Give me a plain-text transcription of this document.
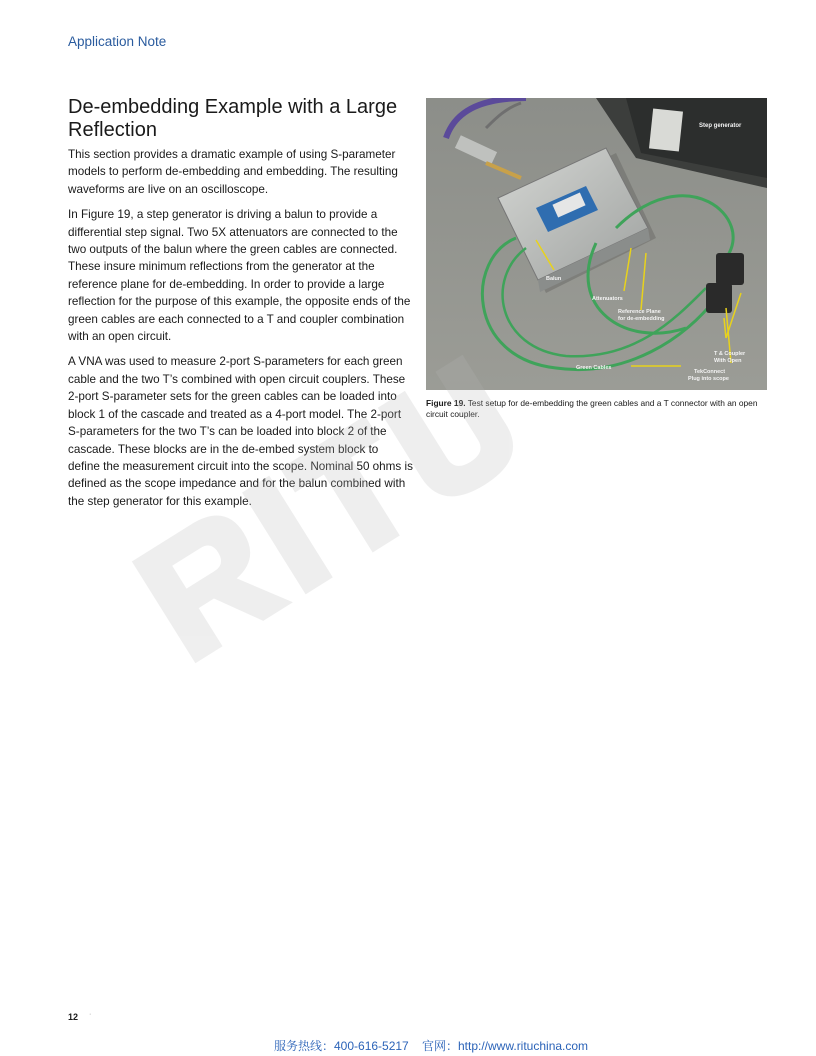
Application Note
De-embedding Example with a Large Reflection

This section provides a dramatic example of using S-parameter models to perform de-embedding and embedding. The resulting waveforms are live on an oscilloscope.

In Figure 19, a step generator is driving a balun to provide a differential step signal. Two 5X attenuators are connected to the two outputs of the balun where the green cables are connected. These insure minimum reflections from the generator at the reference plane for de-embedding. In order to provide a large reflection for the purpose of this example, the opposite ends of the green cables are each connected to a T and coupler combination with an open circuit.

A VNA was used to measure 2-port S-parameters for each green cable and the two T’s combined with open circuit couplers. These 2-port S-parameter sets for the green cables can be loaded into block 1 of the cascade and treated as a 4-port model. The 2-port S-parameters for the two T’s can be loaded into block 2 of the cascade. These blocks are in the de-embed system block to define the measurement circuit into the scope. Nominal 50 ohms is defined as the scope impedance and for the balun combined with the step generator for this example.

Step generator
Balun
Attenuators
Reference Plane
for de-embedding
Green Cables
T & Coupler
With Open
TekConnect
Plug into scope
Figure 19. Test setup for de-embedding the green cables and a T connector with an open circuit coupler.
12 ·
服务热线：400-616-5217 官网：http://www.rituchina.com
